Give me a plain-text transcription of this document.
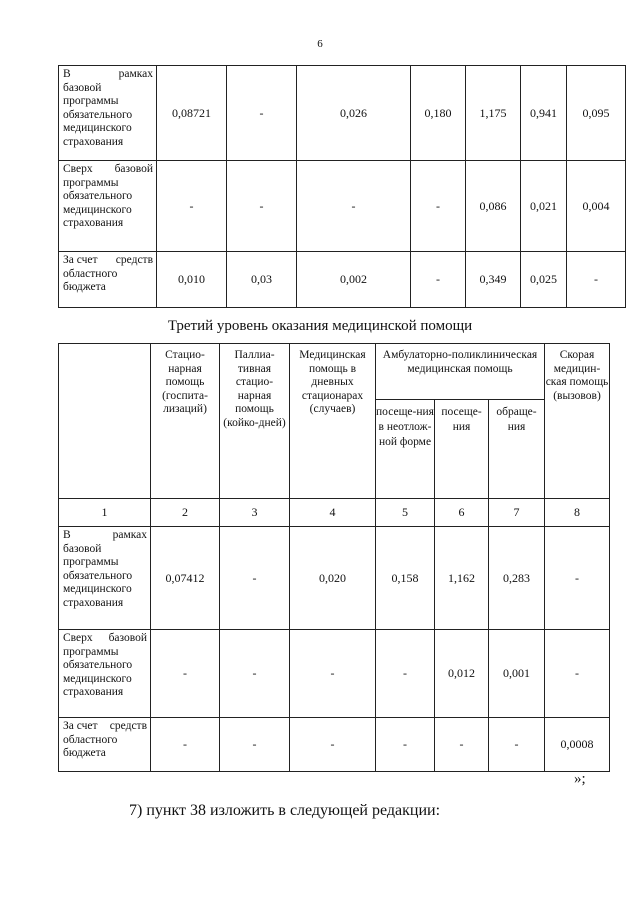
6
В рамках
базовой программы обязательного медицинского страхования	0,08721	-	0,026	0,180	1,175	0,941	0,095

Сверх базовой
программы обязательного медицинского страхования	-	-	-	-	0,086	0,021	0,004

За счет средств
областного бюджета	0,010	0,03	0,002	-	0,349	0,025	-
Третий уровень оказания медицинской помощи
	Стацио-нарная помощь (госпита-лизаций)	Паллиа-тивная стацио-нарная помощь (койко-дней)	Медицинская помощь в дневных стационарах (случаев)	Амбулаторно-поликлиническая медицинская помощь			Скорая медицин-ская помощь (вызовов)
				посеще-ния в неотлож-ной форме	посеще-ния	обраще-ния	
1	2	3	4	5	6	7	8

В рамках
базовой программы обязательного медицинского страхования	0,07412	-	0,020	0,158	1,162	0,283	-

Сверх базовой
программы обязательного медицинского страхования	-	-	-	-	0,012	0,001	-

За счет средств
областного бюджета	-	-	-	-	-	-	0,0008
»;
7) пункт 38 изложить в следующей редакции:
